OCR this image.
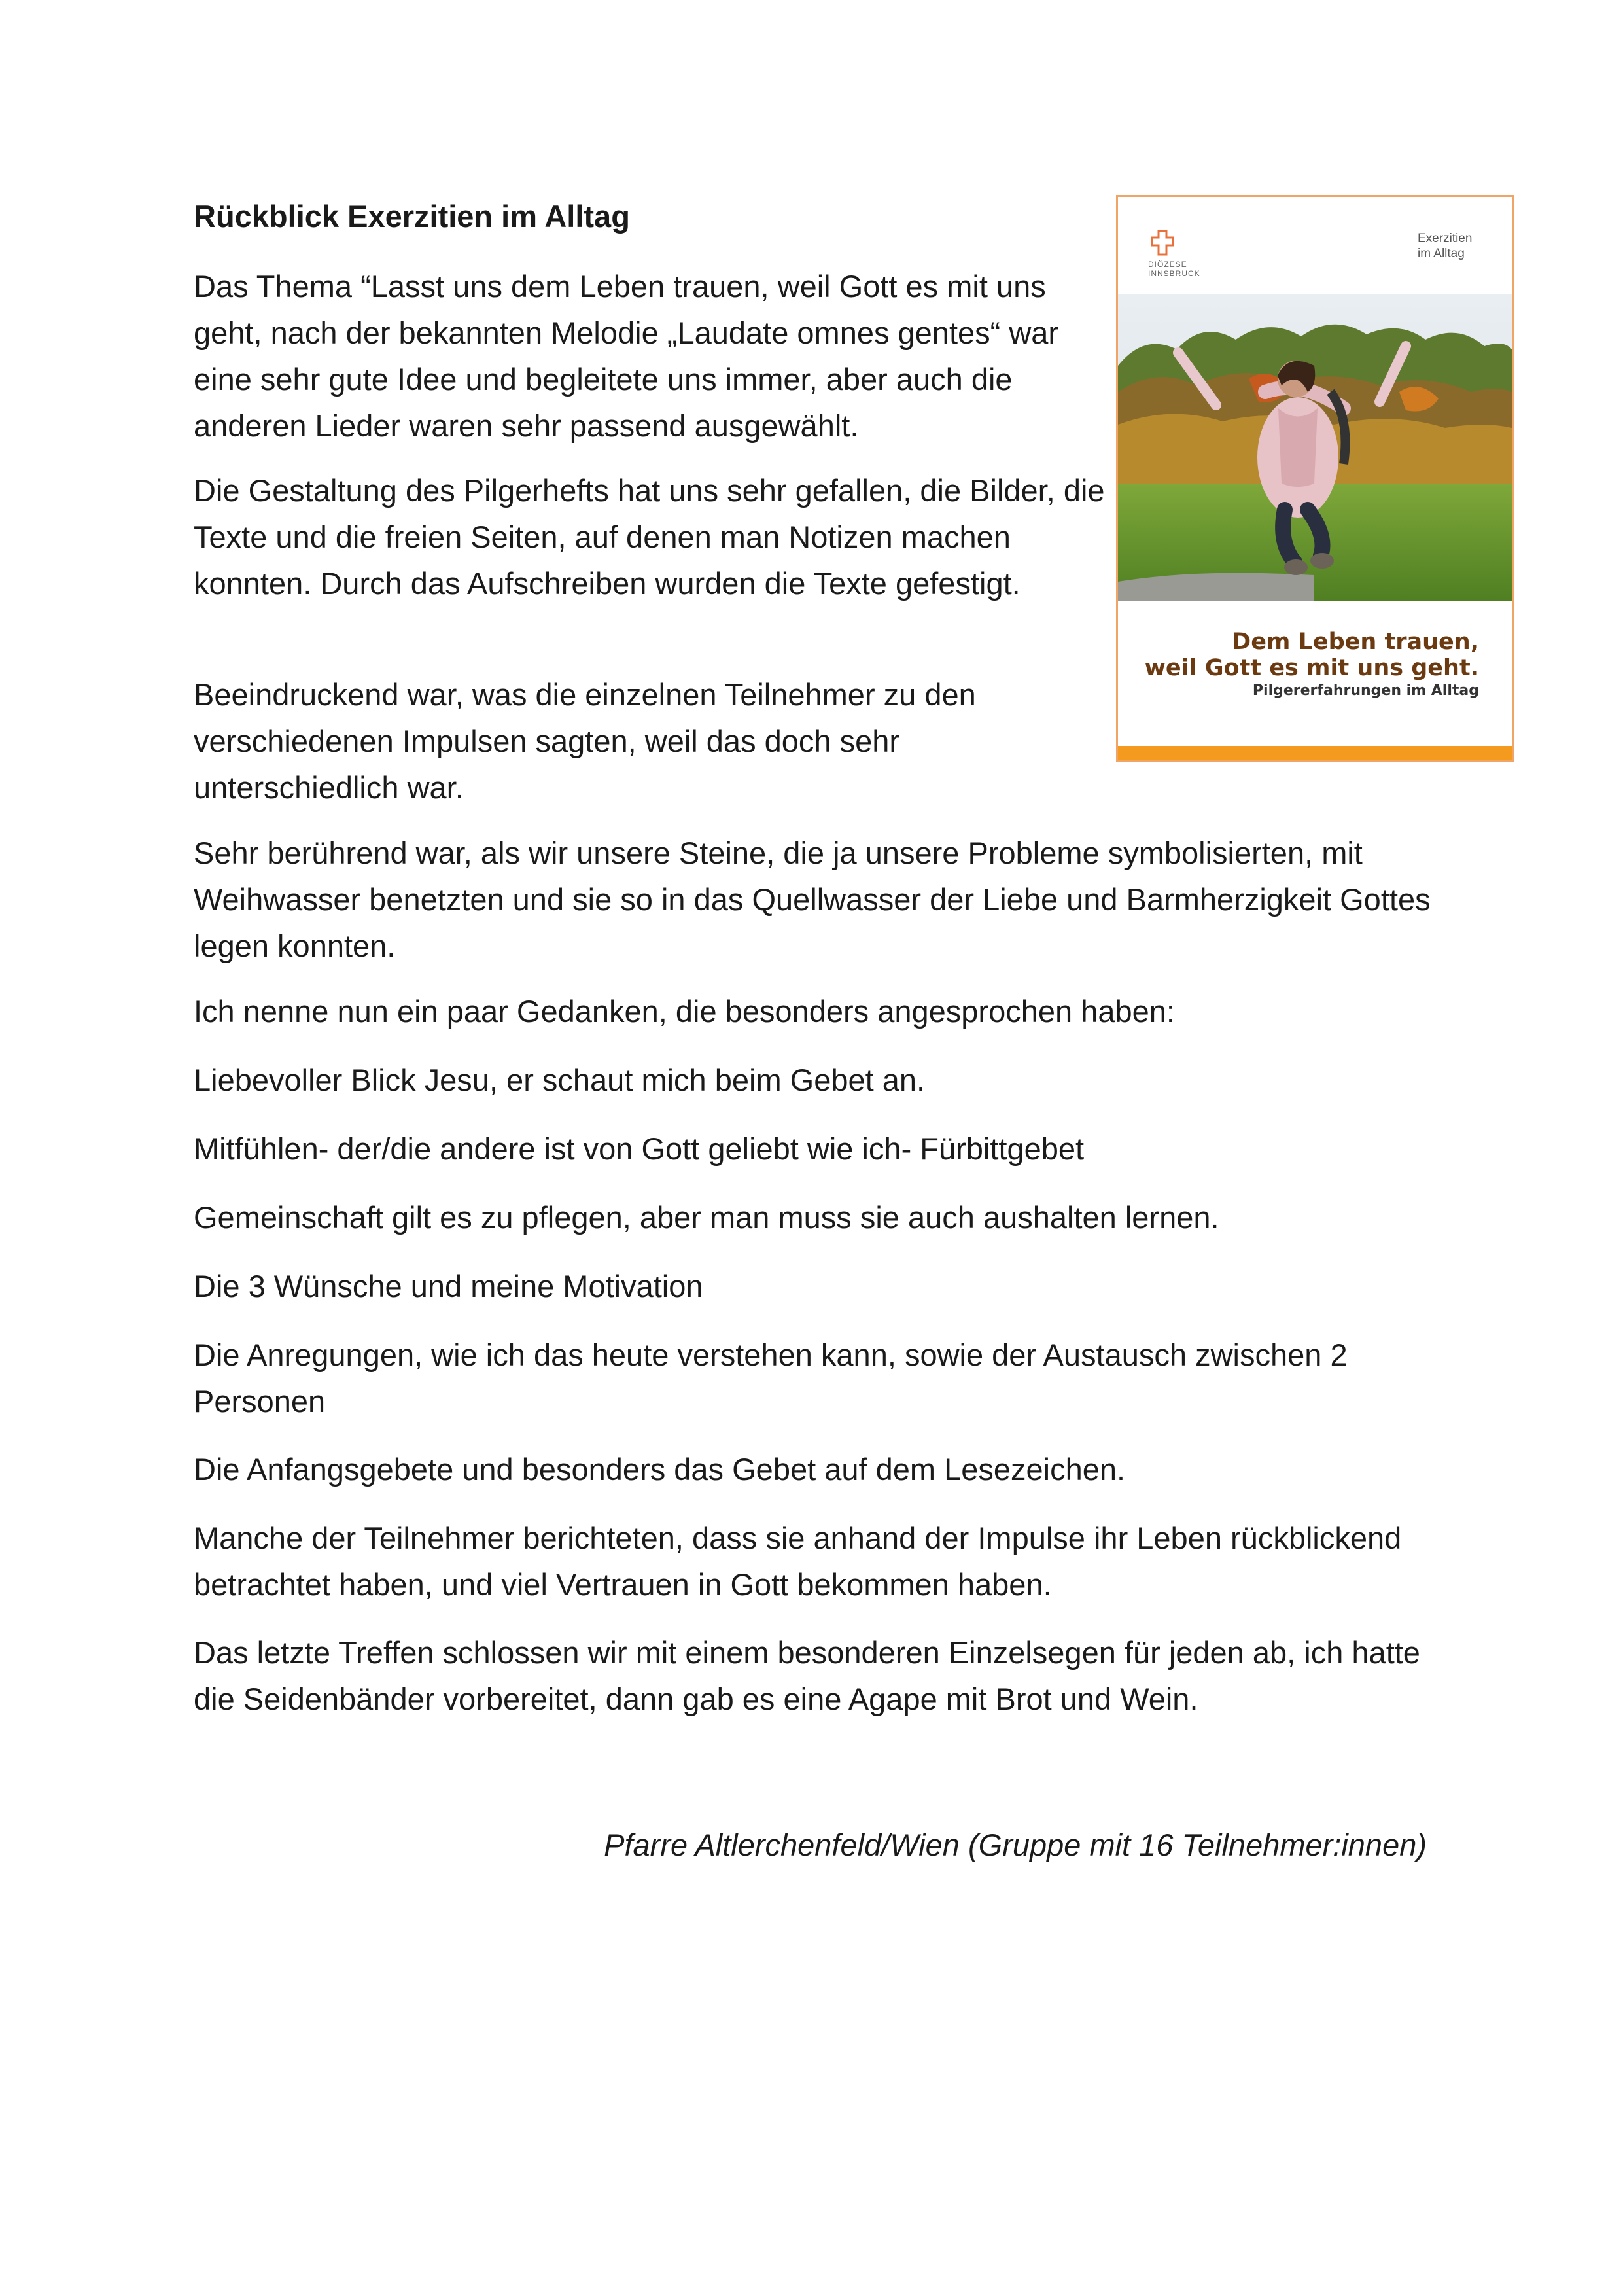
Rückblick Exerzitien im Alltag

Das Thema “Lasst uns dem Leben trauen, weil Gott es mit uns geht, nach der bekannten Melodie „Laudate omnes gentes“ war eine sehr gute Idee und begleitete uns immer, aber auch die anderen Lieder waren sehr passend ausgewählt.

Die Gestaltung des Pilgerhefts hat uns sehr gefallen, die Bilder, die Texte und die freien Seiten, auf denen man Notizen machen konnten. Durch das Aufschreiben wurden die Texte gefestigt.

Beeindruckend war, was die einzelnen Teilnehmer zu den verschiedenen Impulsen sagten, weil das doch sehr unterschiedlich war.

Sehr berührend war, als wir unsere Steine, die ja unsere Probleme symbolisierten, mit Weihwasser benetzten und sie so in das Quellwasser der Liebe und Barmherzigkeit Gottes legen konnten.

Ich nenne nun ein paar Gedanken, die besonders angesprochen haben:

Liebevoller Blick Jesu, er schaut mich beim Gebet an.

Mitfühlen- der/die andere ist von Gott geliebt wie ich- Fürbittgebet

Gemeinschaft gilt es zu pflegen, aber man muss sie auch aushalten lernen.

Die 3 Wünsche und meine Motivation

Die Anregungen, wie ich das heute verstehen kann, sowie der Austausch zwischen 2 Personen

Die Anfangsgebete und besonders das Gebet auf dem Lesezeichen.

Manche der Teilnehmer berichteten, dass sie anhand der Impulse ihr Leben rückblickend betrachtet haben, und viel Vertrauen in Gott bekommen haben.

Das letzte Treffen schlossen wir mit einem besonderen Einzelsegen für jeden ab, ich hatte die Seidenbänder vorbereitet, dann gab es eine Agape mit Brot und Wein.

Pfarre Altlerchenfeld/Wien (Gruppe mit 16 Teilnehmer:innen)

DIÖZESE
INNSBRUCK
Exerzitien im Alltag
Dem Leben trauen,
weil Gott es mit uns geht.
Pilgererfahrungen im Alltag
